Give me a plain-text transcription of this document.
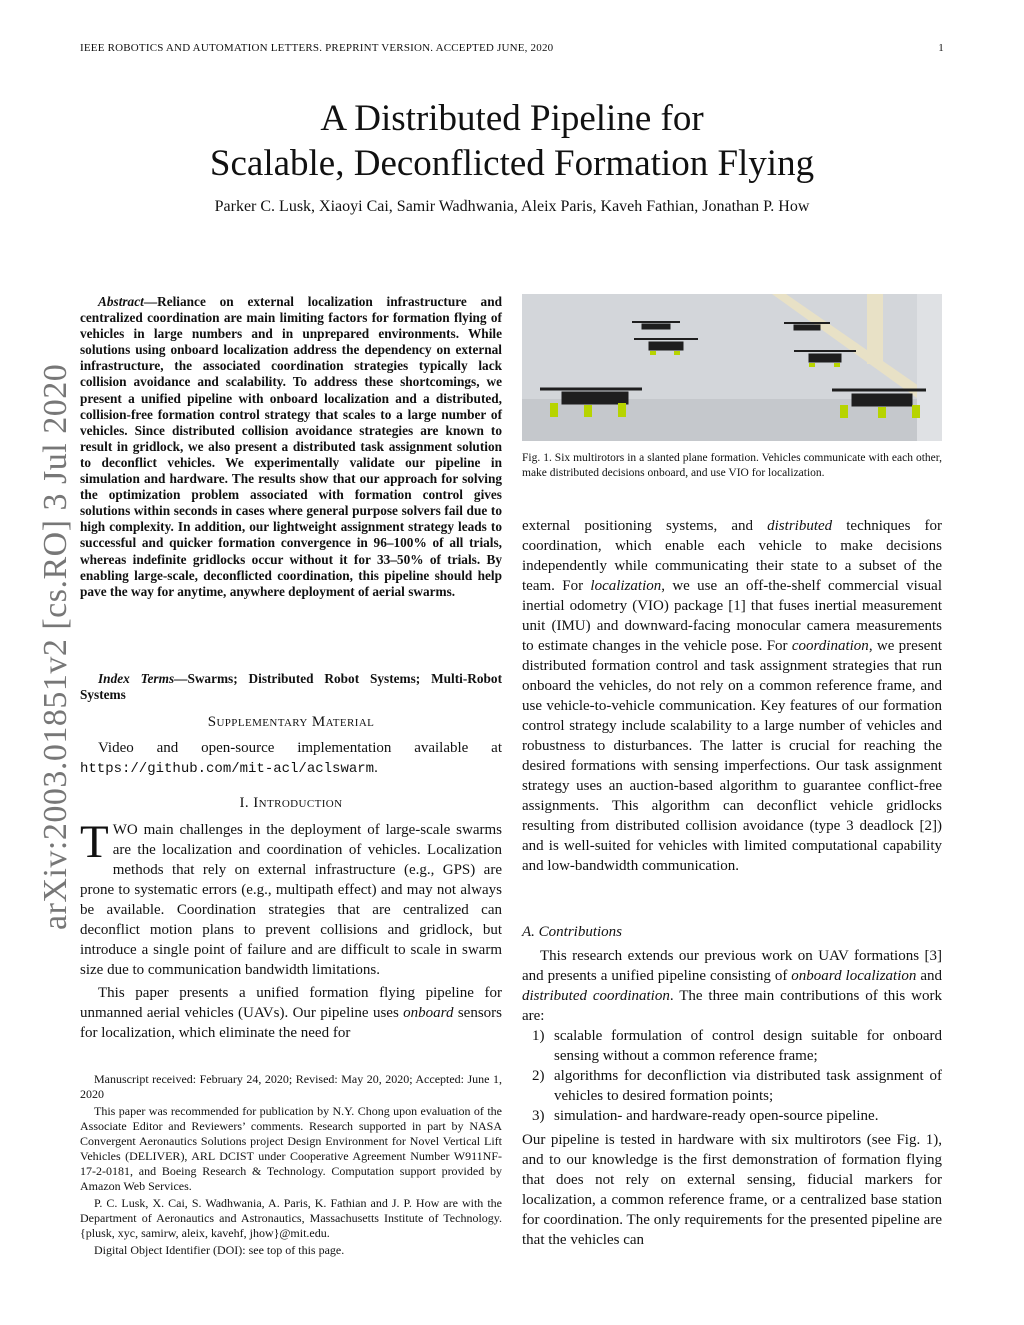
IEEE ROBOTICS AND AUTOMATION LETTERS. PREPRINT VERSION. ACCEPTED JUNE, 2020	1
A Distributed Pipeline for
Scalable, Deconflicted Formation Flying
Parker C. Lusk, Xiaoyi Cai, Samir Wadhwania, Aleix Paris, Kaveh Fathian, Jonathan P. How
arXiv:2003.01851v2 [cs.RO] 3 Jul 2020

Abstract—Reliance on external localization infrastructure and centralized coordination are main limiting factors for formation flying of vehicles in large numbers and in unprepared environments. While solutions using onboard localization address the dependency on external infrastructure, the associated coordination strategies typically lack collision avoidance and scalability. To address these shortcomings, we present a unified pipeline with onboard localization and a distributed, collision-free formation control strategy that scales to a large number of vehicles. Since distributed collision avoidance strategies are known to result in gridlock, we also present a distributed task assignment solution to deconflict vehicles. We experimentally validate our pipeline in simulation and hardware. The results show that our approach for solving the optimization problem associated with formation control gives solutions within seconds in cases where general purpose solvers fail due to high complexity. In addition, our lightweight assignment strategy leads to successful and quicker formation convergence in 96–100% of all trials, whereas indefinite gridlocks occur without it for 33–50% of trials. By enabling large-scale, deconflicted coordination, this pipeline should help pave the way for anytime, anywhere deployment of aerial swarms.

Index Terms—Swarms; Distributed Robot Systems; Multi-Robot Systems

Supplementary Material

Video and open-source implementation available at https://github.com/mit-acl/aclswarm.

I. Introduction

TWO main challenges in the deployment of large-scale swarms are the localization and coordination of vehicles. Localization methods that rely on external infrastructure (e.g., GPS) are prone to systematic errors (e.g., multipath effect) and may not always be available. Coordination strategies that are centralized can deconflict motion plans to prevent collisions and gridlock, but introduce a single point of failure and are difficult to scale in swarm size due to communication bandwidth limitations.

This paper presents a unified formation flying pipeline for unmanned aerial vehicles (UAVs). Our pipeline uses onboard sensors for localization, which eliminate the need for

Manuscript received: February 24, 2020; Revised: May 20, 2020; Accepted: June 1, 2020

This paper was recommended for publication by N.Y. Chong upon evaluation of the Associate Editor and Reviewers’ comments. Research supported in part by NASA Convergent Aeronautics Solutions project Design Environment for Novel Vertical Lift Vehicles (DELIVER), ARL DCIST under Cooperative Agreement Number W911NF-17-2-0181, and Boeing Research & Technology. Computation support provided by Amazon Web Services.

P. C. Lusk, X. Cai, S. Wadhwania, A. Paris, K. Fathian and J. P. How are with the Department of Aeronautics and Astronautics, Massachusetts Institute of Technology. {plusk, xyc, samirw, aleix, kavehf, jhow}@mit.edu.

Digital Object Identifier (DOI): see top of this page.

Fig. 1. Six multirotors in a slanted plane formation. Vehicles communicate with each other, make distributed decisions onboard, and use VIO for localization.

external positioning systems, and distributed techniques for coordination, which enable each vehicle to make decisions independently while communicating their state to a subset of the team. For localization, we use an off-the-shelf commercial visual inertial odometry (VIO) package [1] that fuses inertial measurement unit (IMU) and downward-facing monocular camera measurements to estimate changes in the vehicle pose. For coordination, we present distributed formation control and task assignment strategies that run onboard the vehicles, do not rely on a common reference frame, and use vehicle-to-vehicle communication. Key features of our formation control strategy include scalability to a large number of vehicles and robustness to disturbances. The latter is crucial for reaching the desired formations with sensing imperfections. Our task assignment strategy uses an auction-based algorithm to guarantee conflict-free assignments. This algorithm can deconflict vehicle gridlocks resulting from distributed collision avoidance (type 3 deadlock [2]) and is well-suited for vehicles with limited computational capability and low-bandwidth communication.

A. Contributions

This research extends our previous work on UAV formations [3] and presents a unified pipeline consisting of onboard localization and distributed coordination. The three main contributions of this work are:

1) scalable formulation of control design suitable for onboard sensing without a common reference frame;
2) algorithms for deconfliction via distributed task assignment of vehicles to desired formation points;
3) simulation- and hardware-ready open-source pipeline.

Our pipeline is tested in hardware with six multirotors (see Fig. 1), and to our knowledge is the first demonstration of formation flying that does not rely on external sensing, fiducial markers for localization, a common reference frame, or a centralized base station for coordination. The only requirements for the presented pipeline are that the vehicles can
